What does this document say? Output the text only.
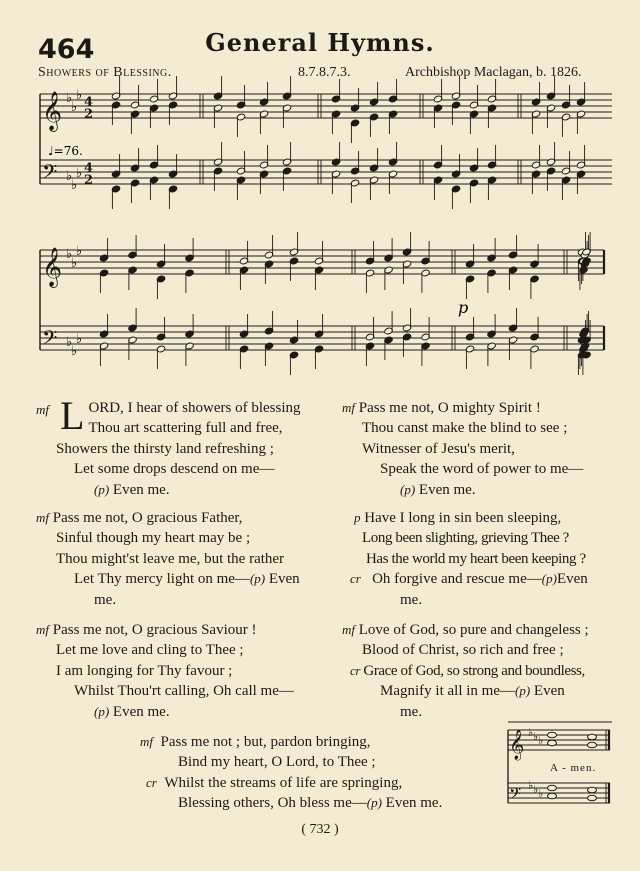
464	General Hymns.
Showers of Blessing.	8.7.8.7.3.	Archbishop Maclagan, b. 1826.
𝄞 ♭
♭
♭ 4
2
𝄢 ♭
♭
♭ 4
2
𝄞 ♭
♭
♭
𝄢 ♭
♭
♭
𝄞 ♭ ♭ ♭
𝄢 ♭ ♭ ♭
♩=76.
p
A - men.
mf L ORD, I hear of showers of blessing
Thou art scattering full and free,
Showers the thirsty land refreshing ;
Let some drops descend on me—
(p) Even me.
mf Pass me not, O mighty Spirit !
Thou canst make the blind to see ;
Witnesser of Jesu's merit,
Speak the word of power to me—
(p) Even me.
mf Pass me not, O gracious Father,
Sinful though my heart may be ;
Thou might'st leave me, but the rather
Let Thy mercy light on me—(p) Even
me.
p Have I long in sin been sleeping,
Long been slighting, grieving Thee ?
Has the world my heart been keeping ?
cr Oh forgive and rescue me—(p)Even
me.
mf Pass me not, O gracious Saviour !
Let me love and cling to Thee ;
I am longing for Thy favour ;
Whilst Thou'rt calling, Oh call me—
(p) Even me.
mf Love of God, so pure and changeless ;
Blood of Christ, so rich and free ;
cr Grace of God, so strong and boundless,
Magnify it all in me—(p) Even
me.
mf Pass me not ; but, pardon bringing,
Bind my heart, O Lord, to Thee ;
cr Whilst the streams of life are springing,
Blessing others, Oh bless me—(p) Even me.
( 732 )
